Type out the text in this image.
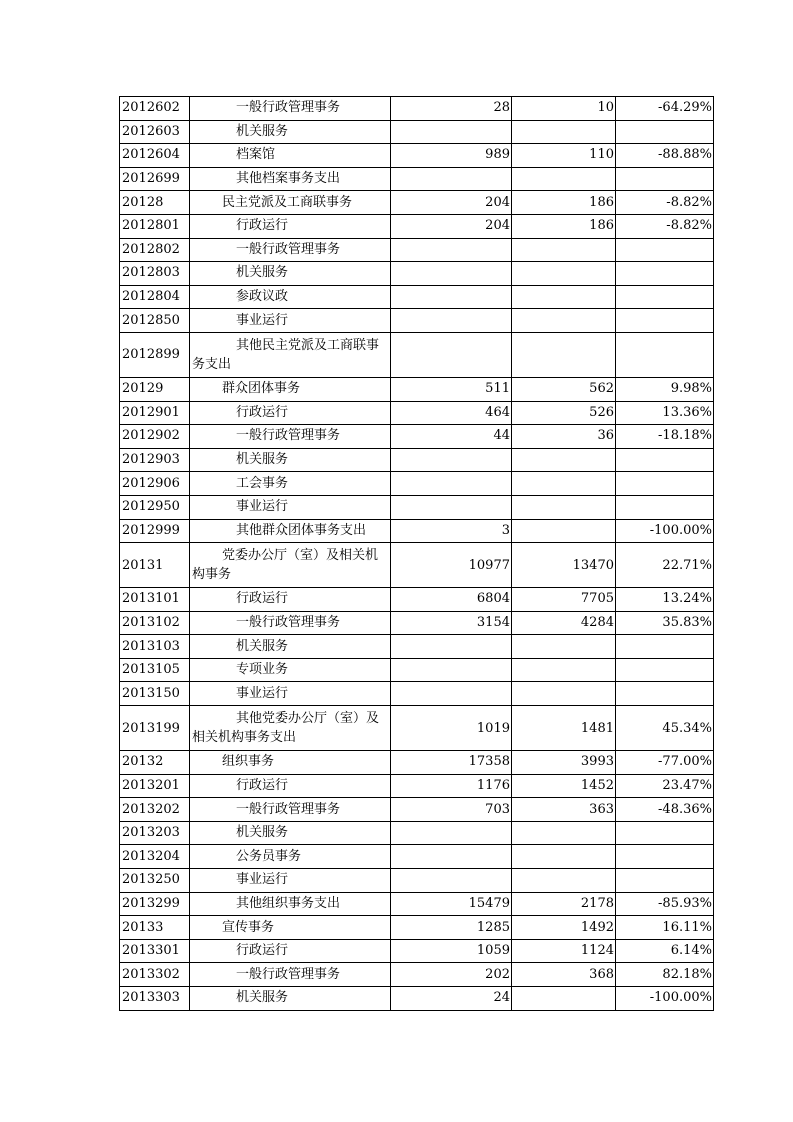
2012602	一般行政管理事务	28	10	-64.29%
2012603	机关服务			
2012604	档案馆	989	110	-88.88%
2012699	其他档案事务支出			
20128	民主党派及工商联事务	204	186	-8.82%
2012801	行政运行	204	186	-8.82%
2012802	一般行政管理事务			
2012803	机关服务			
2012804	参政议政			
2012850	事业运行			
2012899	其他民主党派及工商联事务支出			
20129	群众团体事务	511	562	9.98%
2012901	行政运行	464	526	13.36%
2012902	一般行政管理事务	44	36	-18.18%
2012903	机关服务			
2012906	工会事务			
2012950	事业运行			
2012999	其他群众团体事务支出	3		-100.00%
20131	党委办公厅（室）及相关机构事务	10977	13470	22.71%
2013101	行政运行	6804	7705	13.24%
2013102	一般行政管理事务	3154	4284	35.83%
2013103	机关服务			
2013105	专项业务			
2013150	事业运行			
2013199	其他党委办公厅（室）及相关机构事务支出	1019	1481	45.34%
20132	组织事务	17358	3993	-77.00%
2013201	行政运行	1176	1452	23.47%
2013202	一般行政管理事务	703	363	-48.36%
2013203	机关服务			
2013204	公务员事务			
2013250	事业运行			
2013299	其他组织事务支出	15479	2178	-85.93%
20133	宣传事务	1285	1492	16.11%
2013301	行政运行	1059	1124	6.14%
2013302	一般行政管理事务	202	368	82.18%
2013303	机关服务	24		-100.00%
